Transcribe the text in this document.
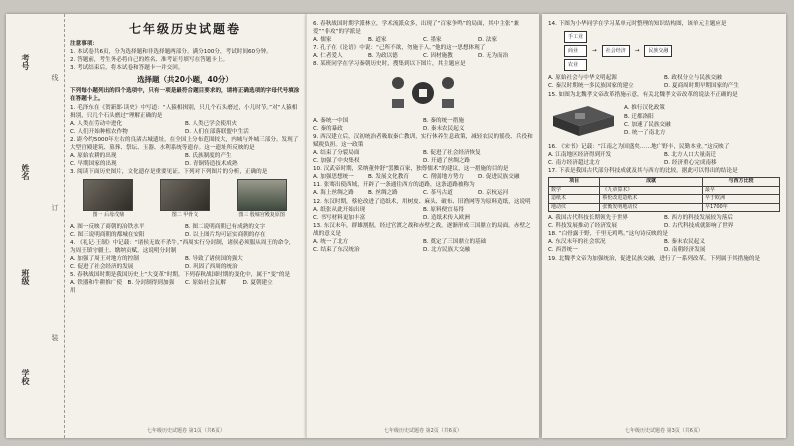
考号
姓名
班级
学校
线
订
装
七年级历史试题卷

注意事项：

1. 本试卷共6页，分为选择题和非选择题两部分。满分100分，考试时间60分钟。

2. 答题前，考生务必将自己的姓名、准考证号填写在答题卡上。

3. 考试结束后，将本试卷和答题卡一并交回。

选择题（共20小题，40分）

下列每小题列出的四个选项中，只有一项是最符合题目要求的，请将正确选项的字母代号填涂在答题卡上。

1. 毛泽东在《贺新郎·读史》中写道：“人猿相揖别，只几个石头磨过，小儿时节。”对“人猿相揖别，只几个石头磨过”理解正确的是

A. 人类在劳动中进化	B. 人类已学会使用火
C. 人们开始种植农作物	D. 人们在部落联盟中生活

2. 距今约5000年左右的良渚古城遗址，在全国上分布范围较大，内城与外城三部分。发现了大型宫殿建筑、墓葬、祭坛、玉器、水利系统等遗存。这一遗址所反映的是

A. 原始农耕的出现	B. 氏族制度的产生
C. 早期国家的出现	D. 青铜铸造技术成熟

3. 阅读下面历史图片，文化遗存是重要见证。下列对下列图片的分析，正确的是

图一 后母戊鼎	图二 甲骨文	图三 殷墟宫殿复原图
A. 图一反映了商朝的冶铁水平	B. 图二说明商朝已有成熟的文字
C. 图三说明商朝的都城在安阳	D. 以上图片均可证实商朝的存在

4. 《礼记·王制》中记载：“诸侯无故不杀牛。”西周实行分封制，诸侯必须服从周王的命令，为周王镇守疆土、缴纳贡赋。这说明分封制

A. 加强了周王对地方的控制	B. 导致了诸侯国的强大
C. 促进了社会经济的发展	D. 巩固了西周的统治

5. 春秋战国时期是我国历史上“大变革”时期。下列春秋战国时期的变化中，属于“变”的是

A. 铁器和牛耕推广使用
B. 分封制得到加强	C. 原始社会瓦解	D. 夏朝建立
七年级历史试题卷 第1页（共6页）

6. 春秋战国时期学派林立，学术流派众多，出现了“百家争鸣”的局面，其中主张“兼爱”“非攻”的学派是

A. 儒家	B. 道家	C. 墨家	D. 法家

7. 孔子在《论语》中说：“己所不欲，勿施于人。”他的这一思想体现了

A. 仁者爱人	B. 为政以德	C. 因材施教	D. 无为而治

8. 某班同学在学习秦朝历史时，搜集到以下图片，其主题应是

A. 秦统一中国	B. 秦的统一措施
C. 秦的暴政	D. 秦末农民起义

9. 西汉建立后，汉初统治者吸取秦亡教训，实行休养生息政策，减轻农民的徭役、兵役和赋税负担。这一政策

A. 结束了分裂局面	B. 促进了社会经济恢复
C. 加强了中央集权	D. 开通了丝绸之路

10. 汉武帝时期，采纳董仲舒“罢黜百家，独尊儒术”的建议，这一措施的目的是

A. 加强思想统一	B. 发展文化教育	C. 削弱地方势力	D. 促进民族交融

11. 张骞出使西域，开辟了一条通往西方的道路，这条道路被称为

A. 海上丝绸之路	B. 丝绸之路	C. 茶马古道	D. 京杭运河

12. 东汉时期，蔡伦改进了造纸术，用树皮、麻头、破布、旧渔网等为原料造纸，这说明

A. 纸张从此开始出现	B. 原料便宜易得
C. 书写材料更加丰富	D. 造纸术传入欧洲

13. 东汉末年，群雄割据，经过官渡之战和赤壁之战，逐渐形成三国鼎立的局面。赤壁之战的意义是

A. 统一了北方	B. 奠定了三国鼎立的基础
C. 结束了东汉统治	D. 北方民族大交融
七年级历史试题卷 第2页（共6页）

14. 下图为小华同学在学习某单元时整理的知识结构图，该单元主题应是

手工业
商业
农业
→	社会经济	→	民族交融
A. 原始社会与中华文明起源	B. 政权分立与民族交融
C. 秦汉时期统一多民族国家的建立	D. 夏商周时期早期国家的产生

15. 如图为北魏孝文帝改革措施示意，有关北魏孝文帝改革的说法不正确的是

A. 推行汉化政策

B. 迁都洛阳

C. 加速了民族交融

D. 统一了南北方

16. 《宋书》记载：“江南之为国盛矣……地广野丰，民勤本业。”这反映了

A. 江南地区经济得到开发	B. 北方人口大量南迁
C. 南方经济超过北方	D. 经济重心完成南移

17. 下表是我国古代部分科技成就及其与西方的比较。据此可以得出的结论是

项目	成就	与西方比较
数学	《九章算术》	最早
造纸术	蔡伦改进造纸术	早于欧洲
地动仪	张衡发明地动仪	早1700年
A. 我国古代科技长期领先于世界	B. 西方的科技发展较为落后
C. 科技发展推动了经济发展	D. 古代科技成就影响了世界

18. “白骨露于野，千里无鸡鸣。”这句诗反映的是

A. 东汉末年的社会状况	B. 秦末农民起义
C. 西晋统一	D. 南朝经济发展

19. 北魏孝文帝为加强统治，促进民族交融，进行了一系列改革。下列属于其措施的是

七年级历史试题卷 第3页（共6页）
